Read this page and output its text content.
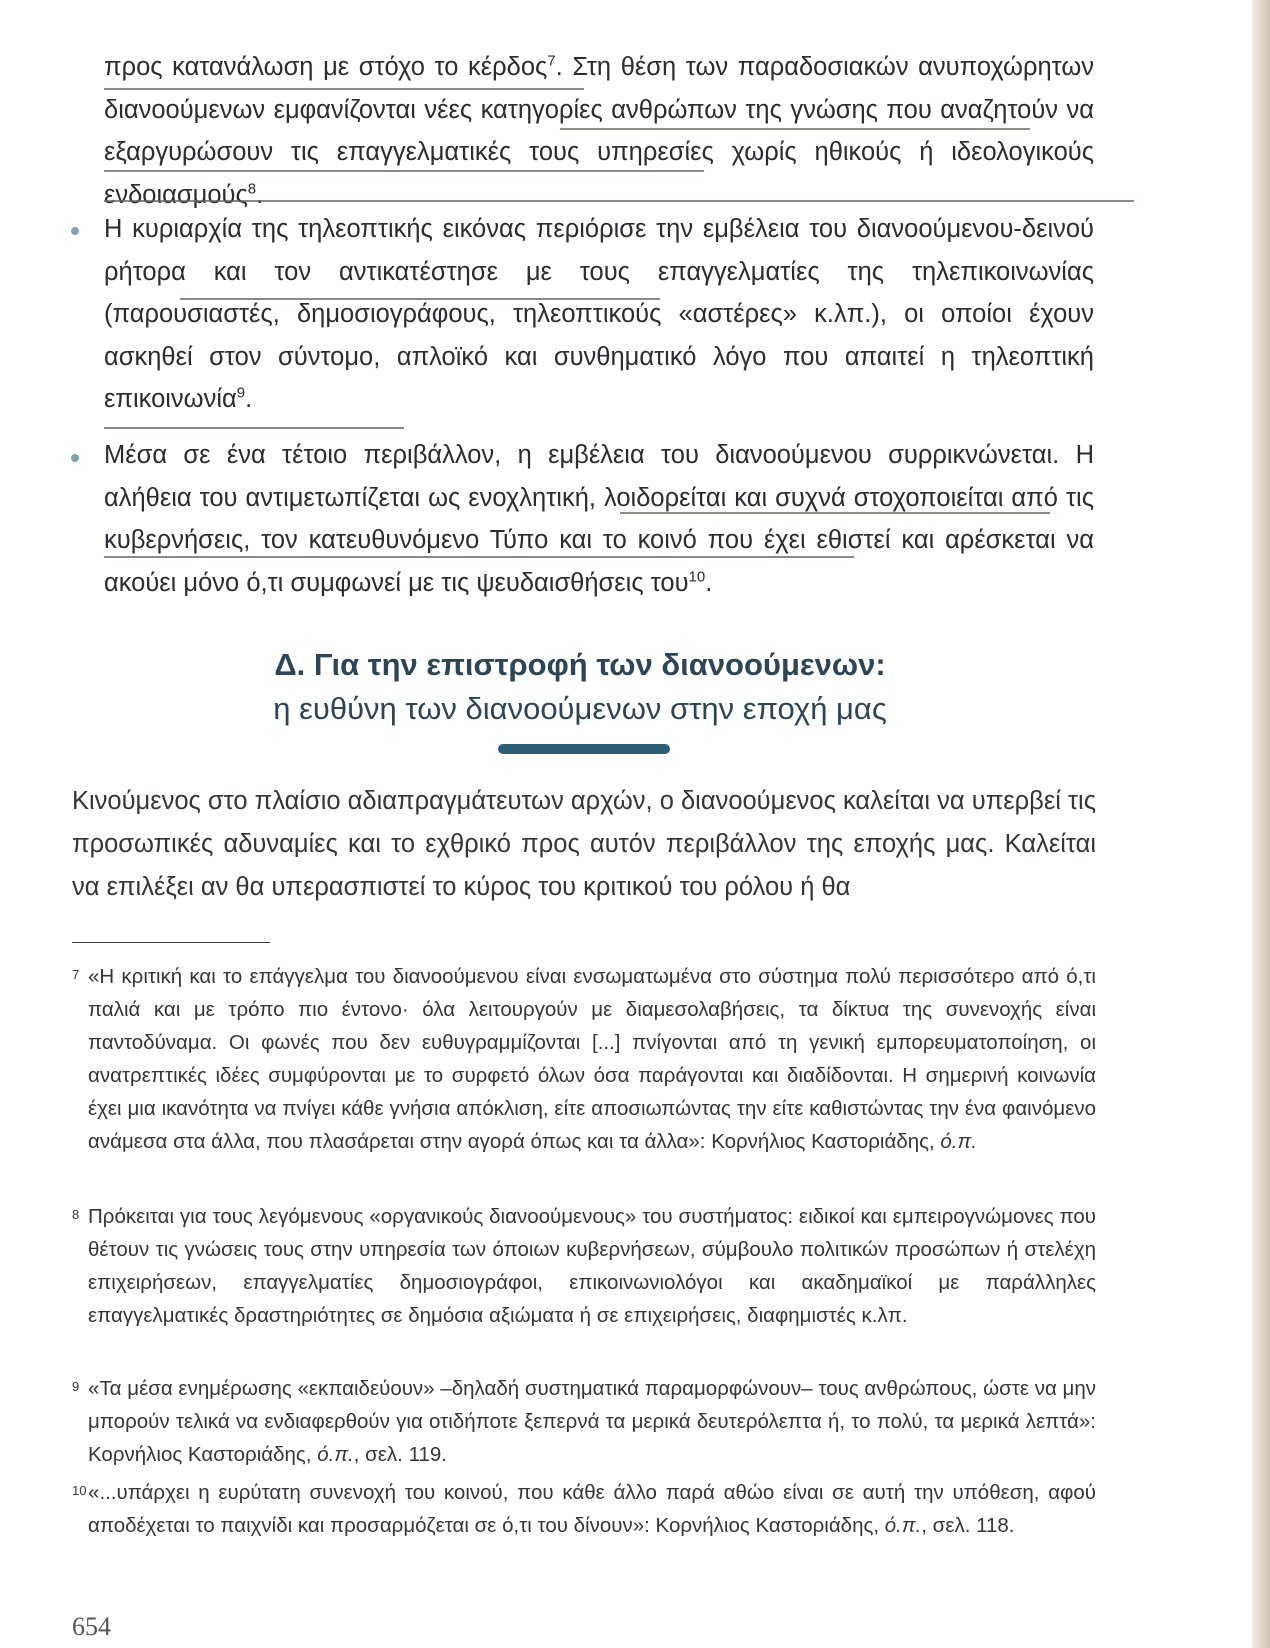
προς κατανάλωση με στόχο το κέρδος$^7$. Στη θέση των παραδοσιακών ανυποχώρητων διανοούμενων εμφανίζονται νέες κατηγορίες ανθρώπων της γνώσης που αναζητούν να εξαργυρώσουν τις επαγγελματικές τους υπηρεσίες χωρίς ηθικούς ή ιδεολογικούς ενδοιασμούς$^8$.

Η κυριαρχία της τηλεοπτικής εικόνας περιόρισε την εμβέλεια του διανοούμενου-δεινού ρήτορα και τον αντικατέστησε με τους επαγγελματίες της τηλεπικοινωνίας (παρουσιαστές, δημοσιογράφους, τηλεοπτικούς «αστέρες» κ.λπ.), οι οποίοι έχουν ασκηθεί στον σύντομο, απλοϊκό και συνθηματικό λόγο που απαιτεί η τηλεοπτική επικοινωνία$^9$.

Μέσα σε ένα τέτοιο περιβάλλον, η εμβέλεια του διανοούμενου συρρικνώνεται. Η αλήθεια του αντιμετωπίζεται ως ενοχλητική, λοιδορείται και συχνά στοχοποιείται από τις κυβερνήσεις, τον κατευθυνόμενο Τύπο και το κοινό που έχει εθιστεί και αρέσκεται να ακούει μόνο ό,τι συμφωνεί με τις ψευδαισθήσεις του$^{10}$.

Δ. Για την επιστροφή των διανοούμενων:
η ευθύνη των διανοούμενων στην εποχή μας

Κινούμενος στο πλαίσιο αδιαπραγμάτευτων αρχών, ο διανοούμενος καλείται να υπερβεί τις προσωπικές αδυναμίες και το εχθρικό προς αυτόν περιβάλλον της εποχής μας. Καλείται να επιλέξει αν θα υπερασπιστεί το κύρος του κριτικού του ρόλου ή θα

7 «Η κριτική και το επάγγελμα του διανοούμενου είναι ενσωματωμένα στο σύστημα πολύ περισσότερο από ό,τι παλιά και με τρόπο πιο έντονο· όλα λειτουργούν με διαμεσολαβήσεις, τα δίκτυα της συνενοχής είναι παντοδύναμα. Οι φωνές που δεν ευθυγραμμίζονται [...] πνίγονται από τη γενική εμπορευματοποίηση, οι ανατρεπτικές ιδέες συμφύρονται με το συρφετό όλων όσα παράγονται και διαδίδονται. Η σημερινή κοινωνία έχει μια ικανότητα να πνίγει κάθε γνήσια απόκλιση, είτε αποσιωπώντας την είτε καθιστώντας την ένα φαινόμενο ανάμεσα στα άλλα, που πλασάρεται στην αγορά όπως και τα άλλα»: Κορνήλιος Καστοριάδης, ό.π.

8 Πρόκειται για τους λεγόμενους «οργανικούς διανοούμενους» του συστήματος: ειδικοί και εμπειρογνώμονες που θέτουν τις γνώσεις τους στην υπηρεσία των όποιων κυβερνήσεων, σύμβουλο πολιτικών προσώπων ή στελέχη επιχειρήσεων, επαγγελματίες δημοσιογράφοι, επικοινωνιολόγοι και ακαδημαϊκοί με παράλληλες επαγγελματικές δραστηριότητες σε δημόσια αξιώματα ή σε επιχειρήσεις, διαφημιστές κ.λπ.

9 «Τα μέσα ενημέρωσης «εκπαιδεύουν» –δηλαδή συστηματικά παραμορφώνουν– τους ανθρώπους, ώστε να μην μπορούν τελικά να ενδιαφερθούν για οτιδήποτε ξεπερνά τα μερικά δευτερόλεπτα ή, το πολύ, τα μερικά λεπτά»: Κορνήλιος Καστοριάδης, ό.π., σελ. 119.

10 «...υπάρχει η ευρύτατη συνενοχή του κοινού, που κάθε άλλο παρά αθώο είναι σε αυτή την υπόθεση, αφού αποδέχεται το παιχνίδι και προσαρμόζεται σε ό,τι του δίνουν»: Κορνήλιος Καστοριάδης, ό.π., σελ. 118.

654
